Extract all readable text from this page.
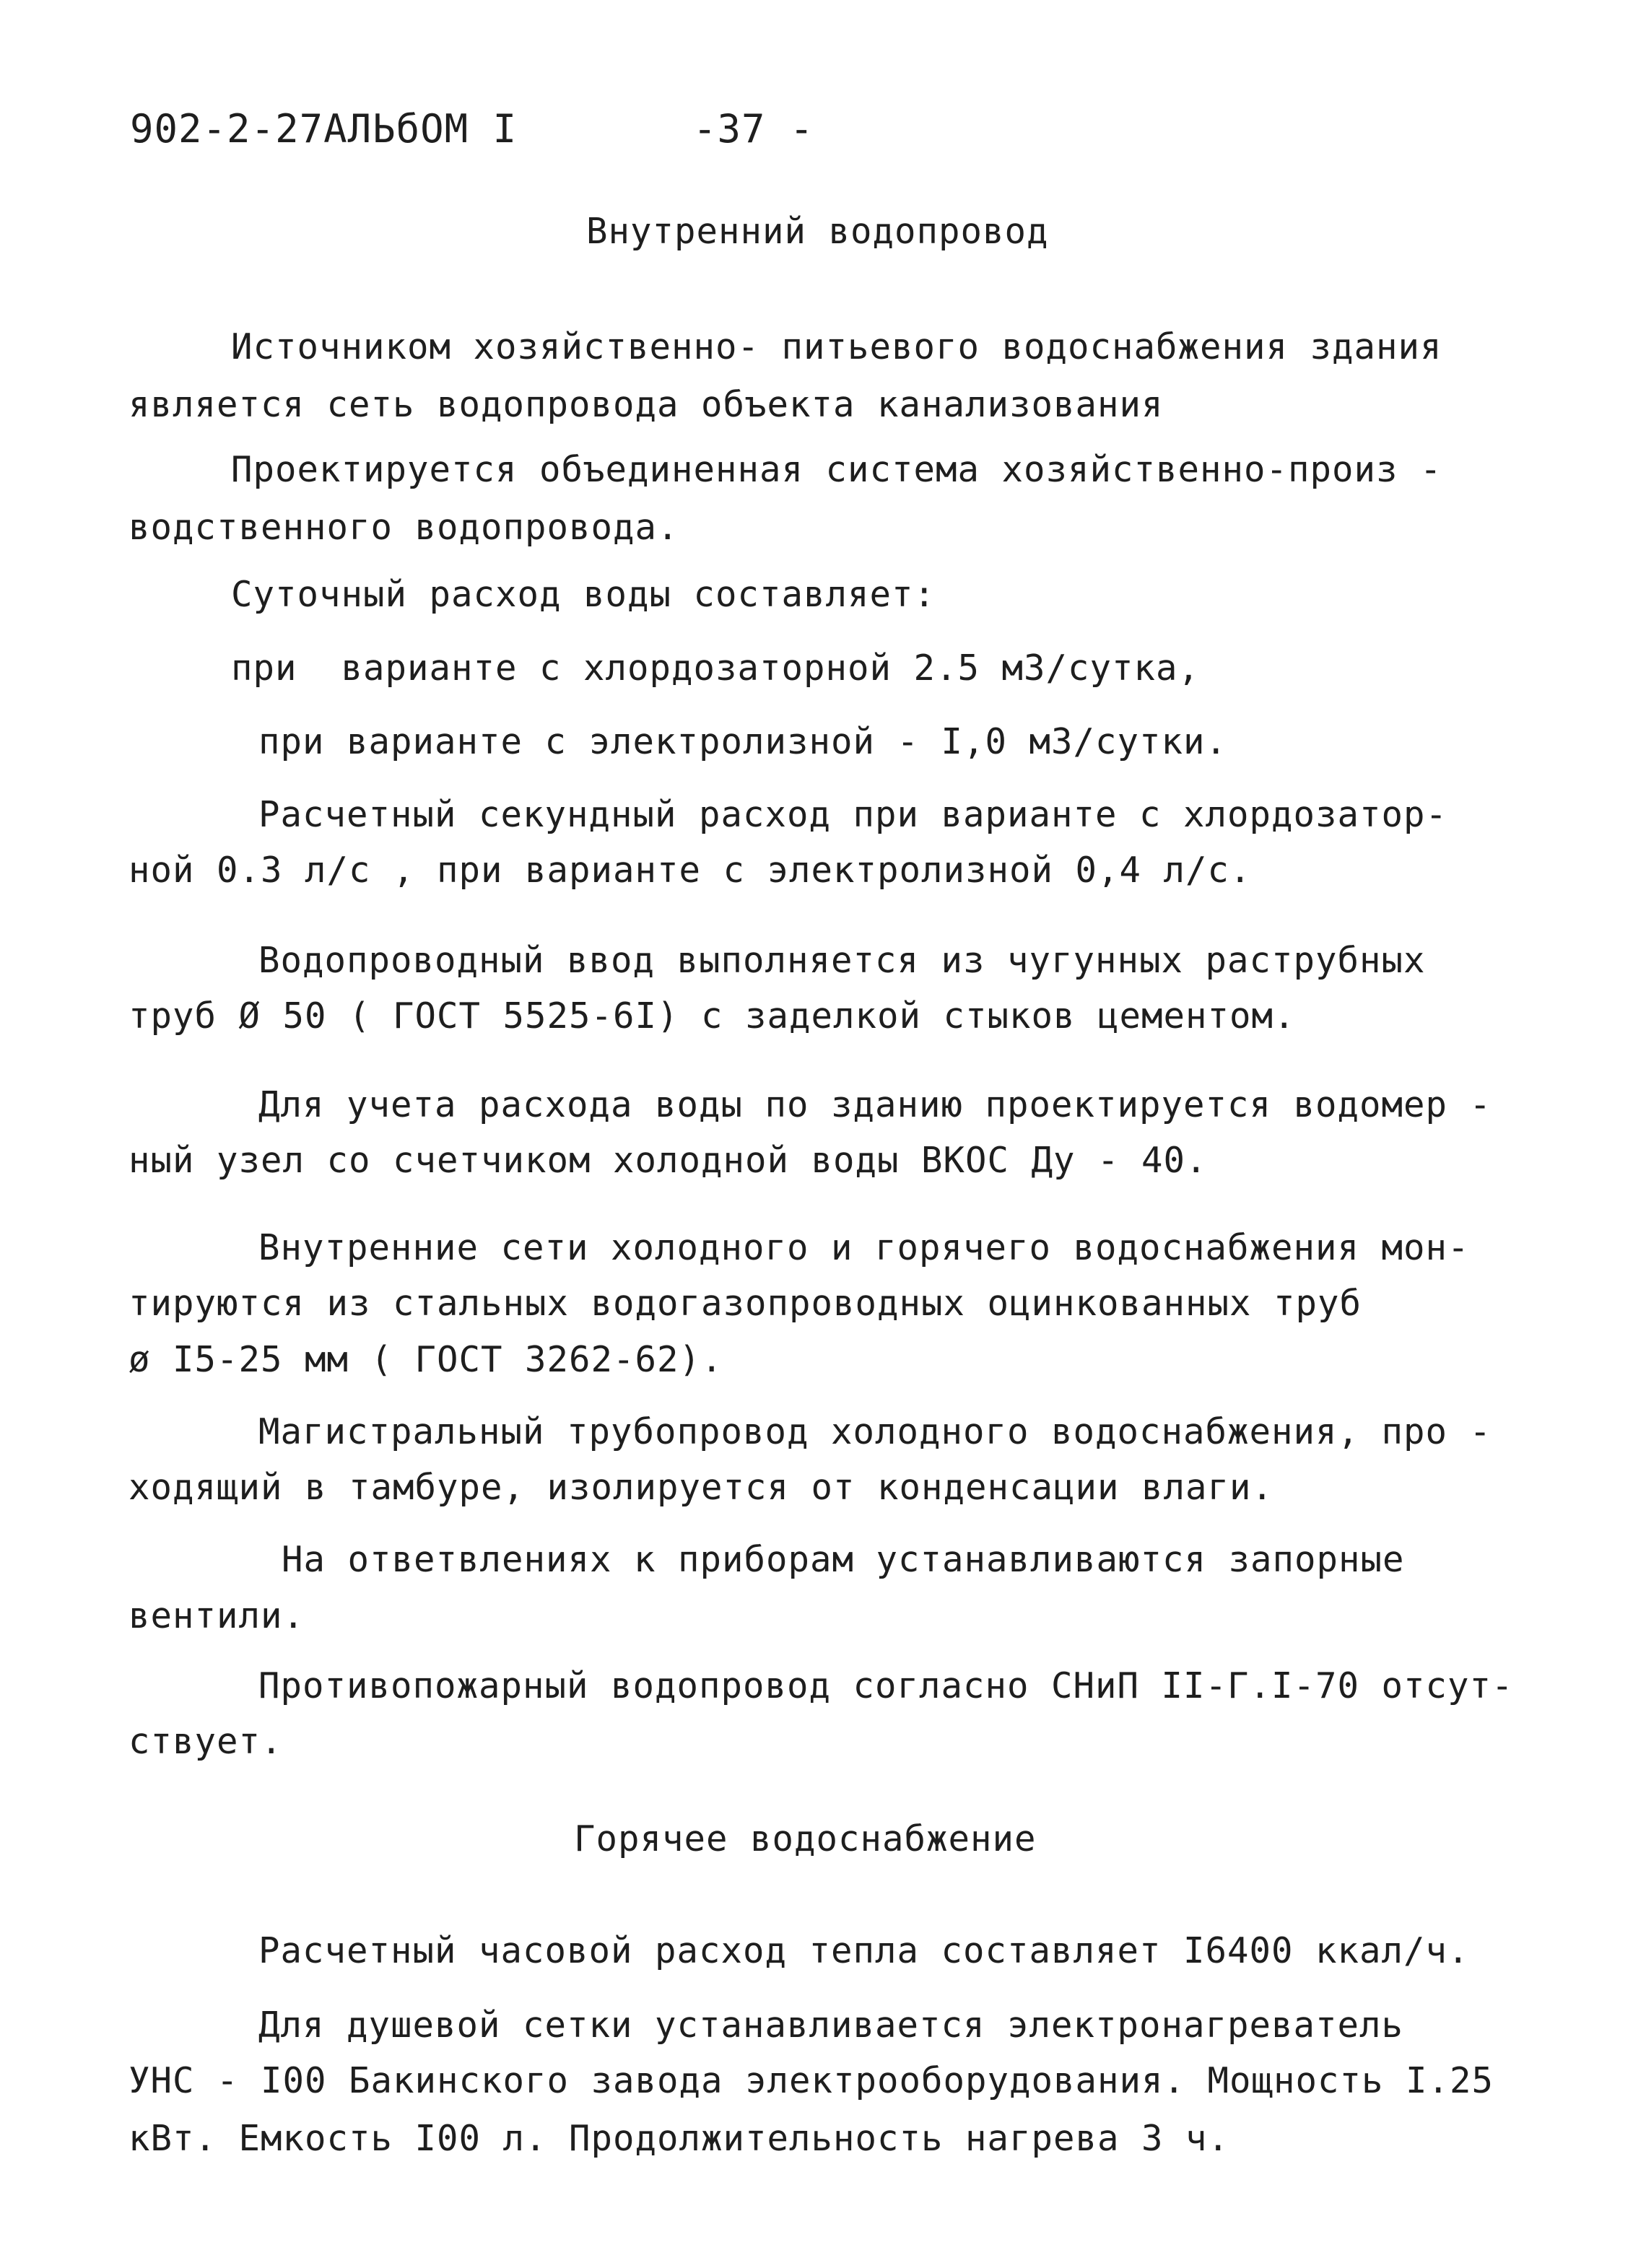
902-2-27АЛЬбОМ I	-37 -
Внутренний водопровод
Источником хозяйственно- питьевого водоснабжения здания
является сеть водопровода объекта канализования
Проектируется объединенная система хозяйственно-произ -
водственного водопровода.
Суточный расход воды составляет:
при  варианте с хлордозаторной 2.5 м3/сутка,
при варианте с электролизной - I,0 м3/сутки.
Расчетный секундный расход при варианте с хлордозатор-
ной 0.3 л/с , при варианте с электролизной 0,4 л/с.
Водопроводный ввод выполняется из чугунных раструбных
труб Ø 50 ( ГОСТ 5525-6I) с заделкой стыков цементом.
Для учета расхода воды по зданию проектируется водомер -
ный узел со счетчиком холодной воды ВКОС Ду - 40.
Внутренние сети холодного и горячего водоснабжения мон-
тируются из стальных водогазопроводных оцинкованных труб
ø I5-25 мм ( ГОСТ 3262-62).
Магистральный трубопровод холодного водоснабжения, про -
ходящий в тамбуре, изолируется от конденсации влаги.
На ответвлениях к приборам устанавливаются запорные
вентили.
Противопожарный водопровод согласно СНиП II-Г.I-70 отсут-
ствует.
Горячее водоснабжение
Расчетный часовой расход тепла составляет I6400 ккал/ч.
Для душевой сетки устанавливается электронагреватель
УНС - I00 Бакинского завода электрооборудования. Мощность I.25
кВт. Емкость I00 л. Продолжительность нагрева 3 ч.
